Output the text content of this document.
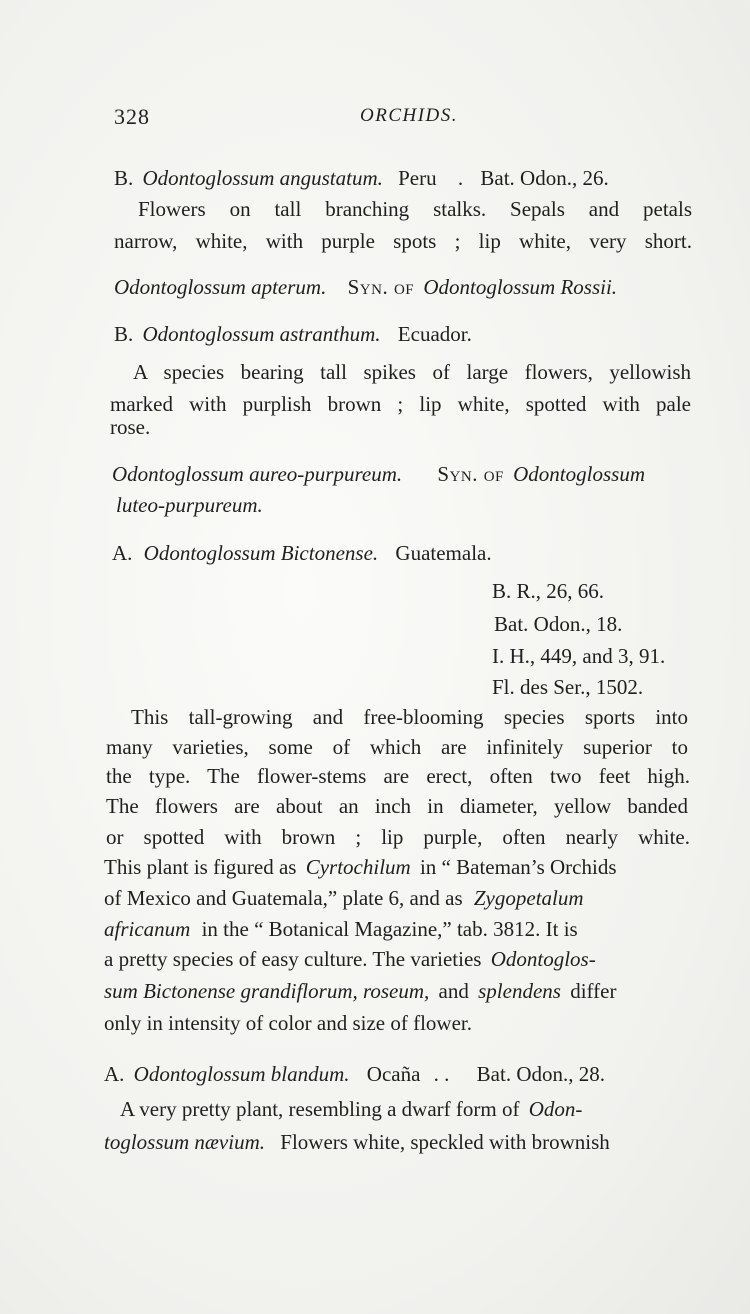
328	ORCHIDS.
B. Odontoglossum angustatum. Peru . Bat. Odon., 26.
Flowers on tall branching stalks. Sepals and petals
narrow, white, with purple spots ; lip white, very short.
Odontoglossum apterum. Syn. of Odontoglossum Rossii.
B. Odontoglossum astranthum. Ecuador.
A species bearing tall spikes of large flowers, yellowish
marked with purplish brown ; lip white, spotted with pale
rose.
Odontoglossum aureo-purpureum. Syn. of Odontoglossum
luteo-purpureum.
A. Odontoglossum Bictonense. Guatemala.
B. R., 26, 66.
Bat. Odon., 18.
I. H., 449, and 3, 91.
Fl. des Ser., 1502.
This tall-growing and free-blooming species sports into
many varieties, some of which are infinitely superior to
the type. The flower-stems are erect, often two feet high.
The flowers are about an inch in diameter, yellow banded
or spotted with brown ; lip purple, often nearly white.
This plant is figured as Cyrtochilum in “ Bateman’s Orchids
of Mexico and Guatemala,” plate 6, and as Zygopetalum
africanum in the “ Botanical Magazine,” tab. 3812. It is
a pretty species of easy culture. The varieties Odontoglos-
sum Bictonense grandiflorum, roseum, and splendens differ
only in intensity of color and size of flower.
A. Odontoglossum blandum. Ocaña . . Bat. Odon., 28.
A very pretty plant, resembling a dwarf form of Odon-
toglossum nævium. Flowers white, speckled with brownish
